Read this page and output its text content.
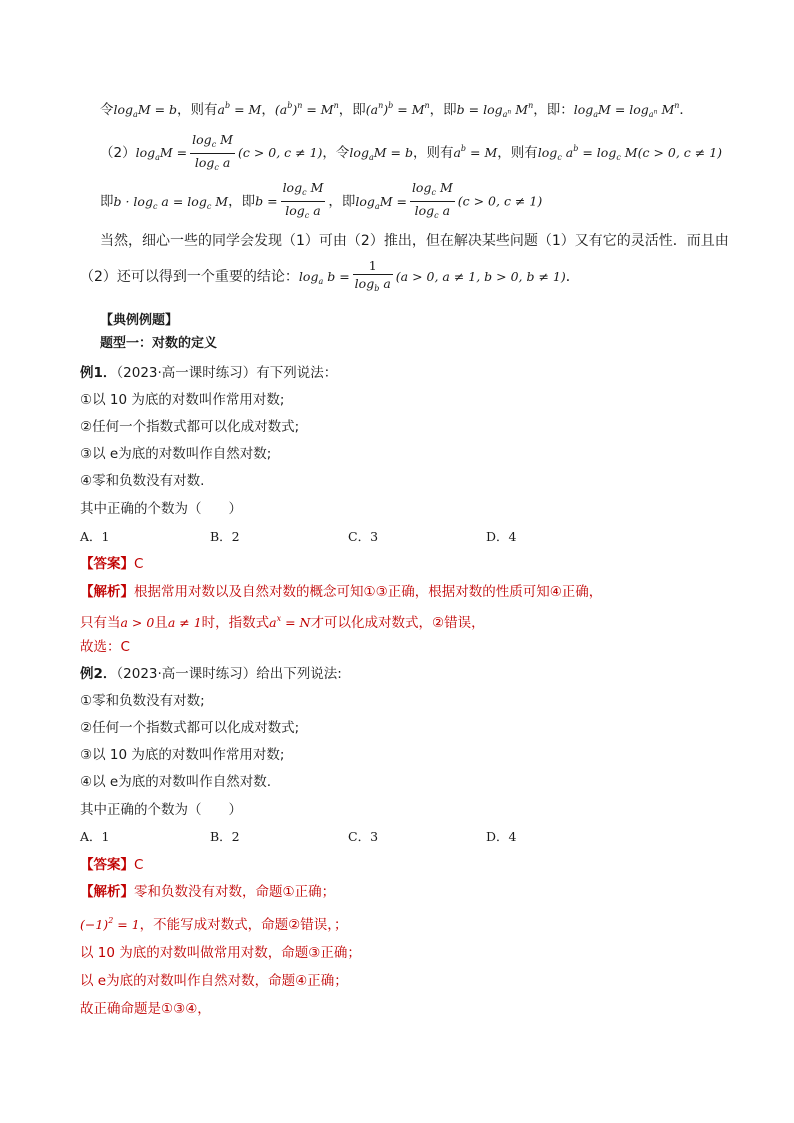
令$\log_aM = b$，则有$a^b = M$，$(a^b)^n = M^n$，即$(a^n)^b = M^n$，即$b = \log_{a^n} M^n$，即：$\log_aM = \log_{a^n} M^n$．
$(2)\log_aM = \frac{\log_c M}{\log_c a} (c > 0$, c ≠ 1)，令$\log_aM = b$，则有$a^b = M$，则有$\log_c a^b = \log_c M(c > 0$, c ≠ 1)
即$b \cdot \log_c a = \log_c M$，即$b = \frac{\log_c M}{\log_c a}$ ，即$\log_aM = \frac{\log_c M}{\log_c a} (c > 0$, c ≠ 1)
当然，细心一些的同学会发现（1）可由（2）推出，但在解决某些问题（1）又有它的灵活性．而且由
（2）还可以得到一个重要的结论：$\log_a b = \frac{1}{\log_b a} (a > 0$, a ≠ 1, b > 0, b ≠ 1)．
【典例例题】
题型一：对数的定义
例1．（2023·高一课时练习）有下列说法：
①以 10 为底的对数叫作常用对数;
②任何一个指数式都可以化成对数式;
③以 e为底的对数叫作自然对数;
④零和负数没有对数.
其中正确的个数为（　　）
A．1	B．2	C．3	D．4
【答案】C
【解析】根据常用对数以及自然对数的概念可知①③正确，根据对数的性质可知④正确，
只有当a > 0且a ≠ 1时，指数式$a^x = N$才可以化成对数式，②错误，
故选：C
例2．（2023·高一课时练习）给出下列说法:
①零和负数没有对数;
②任何一个指数式都可以化成对数式;
③以 10 为底的对数叫作常用对数;
④以 e为底的对数叫作自然对数.
其中正确的个数为（　　）
A．1	B．2	C．3	D．4
【答案】C
【解析】零和负数没有对数，命题①正确；
$(-1)^2 = 1$，不能写成对数式，命题②错误，；
以 10 为底的对数叫做常用对数，命题③正确；
以 e为底的对数叫作自然对数，命题④正确；
故正确命题是①③④，
